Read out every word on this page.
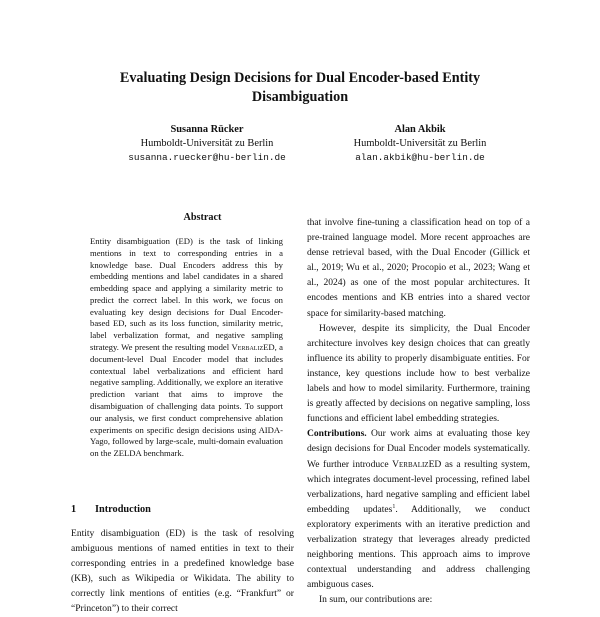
Evaluating Design Decisions for Dual Encoder-based Entity
Disambiguation
Susanna Rücker
Humboldt-Universität zu Berlin
susanna.ruecker@hu-berlin.de
Alan Akbik
Humboldt-Universität zu Berlin
alan.akbik@hu-berlin.de
Abstract

Entity disambiguation (ED) is the task of linking mentions in text to corresponding entries in a knowledge base. Dual Encoders address this by embedding mentions and label candidates in a shared embedding space and applying a similarity metric to predict the correct label. In this work, we focus on evaluating key design decisions for Dual Encoder-based ED, such as its loss function, similarity metric, label verbalization format, and negative sampling strategy. We present the resulting model VerbalizED, a document-level Dual Encoder model that includes contextual label verbalizations and efficient hard negative sampling. Additionally, we explore an iterative prediction variant that aims to improve the disambiguation of challenging data points. To support our analysis, we first conduct comprehensive ablation experiments on specific design decisions using AIDA-Yago, followed by large-scale, multi-domain evaluation on the ZELDA benchmark.

1 Introduction

Entity disambiguation (ED) is the task of resolving ambiguous mentions of named entities in text to their corresponding entries in a predefined knowledge base (KB), such as Wikipedia or Wikidata. The ability to correctly link mentions of entities (e.g. “Frankfurt” or “Princeton”) to their correct

that involve fine-tuning a classification head on top of a pre-trained language model. More recent approaches are dense retrieval based, with the Dual Encoder (Gillick et al., 2019; Wu et al., 2020; Procopio et al., 2023; Wang et al., 2024) as one of the most popular architectures. It encodes mentions and KB entries into a shared vector space for similarity-based matching.

However, despite its simplicity, the Dual Encoder architecture involves key design choices that can greatly influence its ability to properly disambiguate entities. For instance, key questions include how to best verbalize labels and how to model similarity. Furthermore, training is greatly affected by decisions on negative sampling, loss functions and efficient label embedding strategies.

Contributions. Our work aims at evaluating those key design decisions for Dual Encoder models systematically. We further introduce VerbalizED as a resulting system, which integrates document-level processing, refined label verbalizations, hard negative sampling and efficient label embedding updates$^1$. Additionally, we conduct exploratory experiments with an iterative prediction and verbalization strategy that leverages already predicted neighboring mentions. This approach aims to improve contextual understanding and address challenging ambiguous cases.

In sum, our contributions are:
